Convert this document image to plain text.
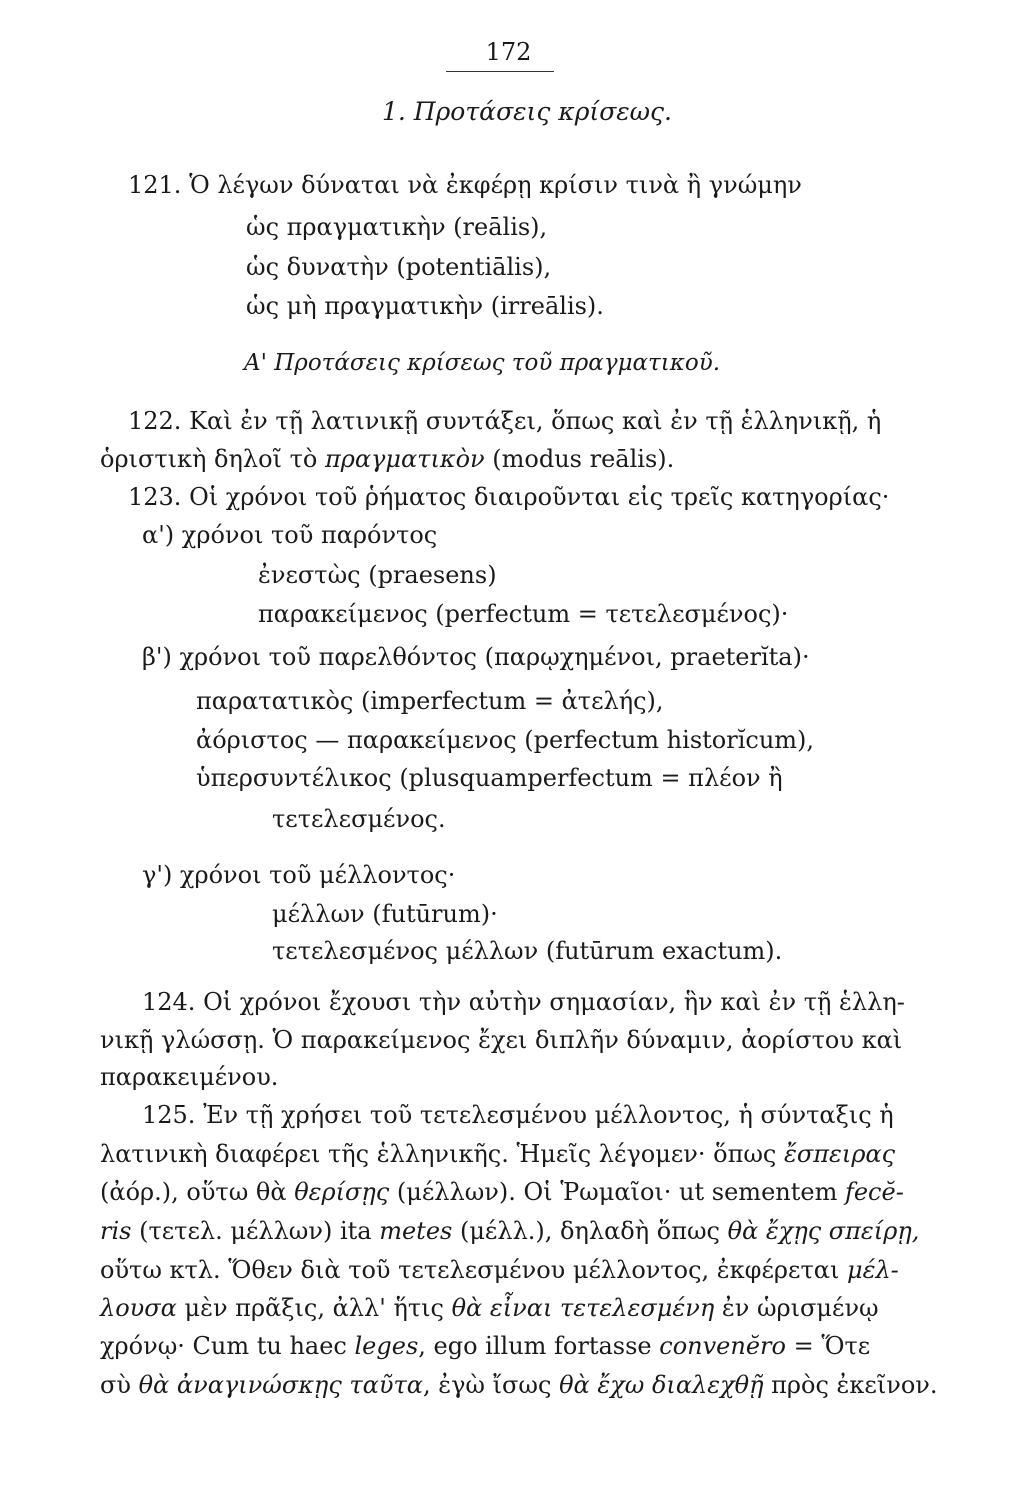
172
1. Προτάσεις κρίσεως.
121. Ὁ λέγων δύναται νὰ ἐκφέρῃ κρίσιν τινὰ ἢ γνώμην
ὡς πραγματικὴν (reālis),
ὡς δυνατὴν (potentiālis),
ὡς μὴ πραγματικὴν (irreālis).
Α' Προτάσεις κρίσεως τοῦ πραγματικοῦ.
122. Καὶ ἐν τῇ λατινικῇ συντάξει, ὅπως καὶ ἐν τῇ ἑλληνικῇ, ἡ
ὁριστικὴ δηλοῖ τὸ πραγματικὸν (modus reālis).
123. Οἱ χρόνοι τοῦ ῥήματος διαιροῦνται εἰς τρεῖς κατηγορίας·
α') χρόνοι τοῦ παρόντος
ἐνεστὼς (praesens)
παρακείμενος (perfectum = τετελεσμένος)·
β') χρόνοι τοῦ παρελθόντος (παρῳχημένοι, praeterĭta)·
παρατατικὸς (imperfectum = ἀτελής),
ἀόριστος — παρακείμενος (perfectum historĭcum),
ὑπερσυντέλικος (plusquamperfectum = πλέον ἢ
τετελεσμένος.
γ') χρόνοι τοῦ μέλλοντος·
μέλλων (futūrum)·
τετελεσμένος μέλλων (futūrum exactum).
124. Οἱ χρόνοι ἔχουσι τὴν αὐτὴν σημασίαν, ἣν καὶ ἐν τῇ ἑλλη-
νικῇ γλώσσῃ. Ὁ παρακείμενος ἔχει διπλῆν δύναμιν, ἀορίστου καὶ
παρακειμένου.
125. Ἐν τῇ χρήσει τοῦ τετελεσμένου μέλλοντος, ἡ σύνταξις ἡ
λατινικὴ διαφέρει τῆς ἑλληνικῆς. Ἡμεῖς λέγομεν· ὅπως ἔσπειρας
(ἀόρ.), οὕτω θὰ θερίσῃς (μέλλων). Οἱ Ῥωμαῖοι· ut sementem fecĕ-
ris (τετελ. μέλλων) ita metes (μέλλ.), δηλαδὴ ὅπως θὰ ἔχῃς σπείρῃ,
οὕτω κτλ. Ὅθεν διὰ τοῦ τετελεσμένου μέλλοντος, ἐκφέρεται μέλ-
λουσα μὲν πρᾶξις, ἀλλ' ἥτις θὰ εἶναι τετελεσμένη ἐν ὡρισμένῳ
χρόνῳ· Cum tu haec leges, ego illum fortasse convenĕro = Ὅτε
σὺ θὰ ἀναγινώσκῃς ταῦτα, ἐγὼ ἴσως θὰ ἔχω διαλεχθῇ πρὸς ἐκεῖνον.
